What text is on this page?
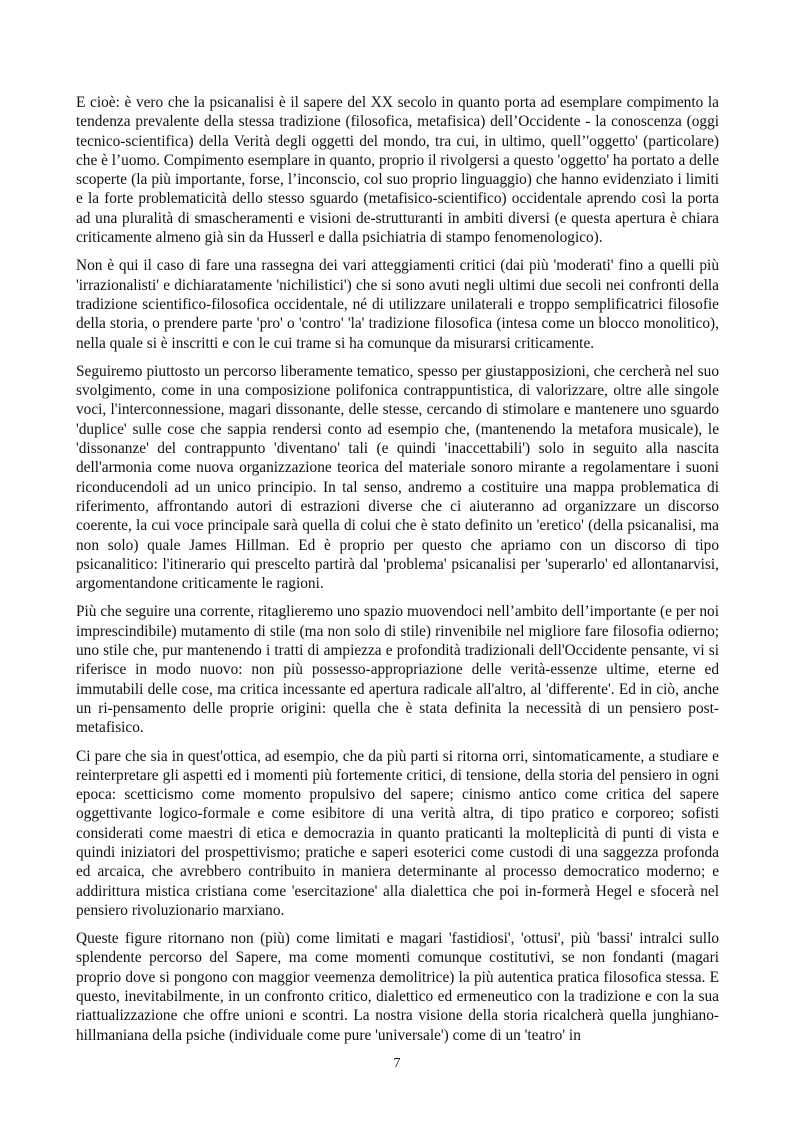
E cioè: è vero che la psicanalisi è il sapere del XX secolo in quanto porta ad esemplare compimento la tendenza prevalente della stessa tradizione (filosofica, metafisica) dell’Occidente - la conoscenza (oggi tecnico-scientifica) della Verità degli oggetti del mondo, tra cui, in ultimo, quell’'oggetto' (particolare) che è l’uomo. Compimento esemplare in quanto, proprio il rivolgersi a questo 'oggetto' ha portato a delle scoperte (la più importante, forse, l’inconscio, col suo proprio linguaggio) che hanno evidenziato i limiti e la forte problematicità dello stesso sguardo (metafisico-scientifico) occidentale aprendo così la porta ad una pluralità di smascheramenti e visioni de-strutturanti in ambiti diversi (e questa apertura è chiara criticamente almeno già sin da Husserl e dalla psichiatria di stampo fenomenologico).

Non è qui il caso di fare una rassegna dei vari atteggiamenti critici (dai più 'moderati' fino a quelli più 'irrazionalisti' e dichiaratamente 'nichilistici') che si sono avuti negli ultimi due secoli nei confronti della tradizione scientifico-filosofica occidentale, né di utilizzare unilaterali e troppo semplificatrici filosofie della storia, o prendere parte 'pro' o 'contro' 'la' tradizione filosofica (intesa come un blocco monolitico), nella quale si è inscritti e con le cui trame si ha comunque da misurarsi criticamente.

Seguiremo piuttosto un percorso liberamente tematico, spesso per giustapposizioni, che cercherà nel suo svolgimento, come in una composizione polifonica contrappuntistica, di valorizzare, oltre alle singole voci, l'interconnessione, magari dissonante, delle stesse, cercando di stimolare e mantenere uno sguardo 'duplice' sulle cose che sappia rendersi conto ad esempio che, (mantenendo la metafora musicale), le 'dissonanze' del contrappunto 'diventano' tali (e quindi 'inaccettabili') solo in seguito alla nascita dell'armonia come nuova organizzazione teorica del materiale sonoro mirante a regolamentare i suoni riconducendoli ad un unico principio. In tal senso, andremo a costituire una mappa problematica di riferimento, affrontando autori di estrazioni diverse che ci aiuteranno ad organizzare un discorso coerente, la cui voce principale sarà quella di colui che è stato definito un 'eretico' (della psicanalisi, ma non solo) quale James Hillman. Ed è proprio per questo che apriamo con un discorso di tipo psicanalitico: l'itinerario qui prescelto partirà dal 'problema' psicanalisi per 'superarlo' ed allontanarvisi, argomentandone criticamente le ragioni.

Più che seguire una corrente, ritaglieremo uno spazio muovendoci nell’ambito dell’importante (e per noi imprescindibile) mutamento di stile (ma non solo di stile) rinvenibile nel migliore fare filosofia odierno; uno stile che, pur mantenendo i tratti di ampiezza e profondità tradizionali dell'Occidente pensante, vi si riferisce in modo nuovo: non più possesso-appropriazione delle verità-essenze ultime, eterne ed immutabili delle cose, ma critica incessante ed apertura radicale all'altro, al 'differente'. Ed in ciò, anche un ri-pensamento delle proprie origini: quella che è stata definita la necessità di un pensiero post-metafisico.

Ci pare che sia in quest'ottica, ad esempio, che da più parti si ritorna orri, sintomaticamente, a studiare e reinterpretare gli aspetti ed i momenti più fortemente critici, di tensione, della storia del pensiero in ogni epoca: scetticismo come momento propulsivo del sapere; cinismo antico come critica del sapere oggettivante logico-formale e come esibitore di una verità altra, di tipo pratico e corporeo; sofisti considerati come maestri di etica e democrazia in quanto praticanti la molteplicità di punti di vista e quindi iniziatori del prospettivismo; pratiche e saperi esoterici come custodi di una saggezza profonda ed arcaica, che avrebbero contribuito in maniera determinante al processo democratico moderno; e addirittura mistica cristiana come 'esercitazione' alla dialettica che poi in-formerà Hegel e sfocerà nel pensiero rivoluzionario marxiano.

Queste figure ritornano non (più) come limitati e magari 'fastidiosi', 'ottusi', più 'bassi' intralci sullo splendente percorso del Sapere, ma come momenti comunque costitutivi, se non fondanti (magari proprio dove si pongono con maggior veemenza demolitrice) la più autentica pratica filosofica stessa. E questo, inevitabilmente, in un confronto critico, dialettico ed ermeneutico con la tradizione e con la sua riattualizzazione che offre unioni e scontri. La nostra visione della storia ricalcherà quella junghiano-hillmaniana della psiche (individuale come pure 'universale') come di un 'teatro' in

7
